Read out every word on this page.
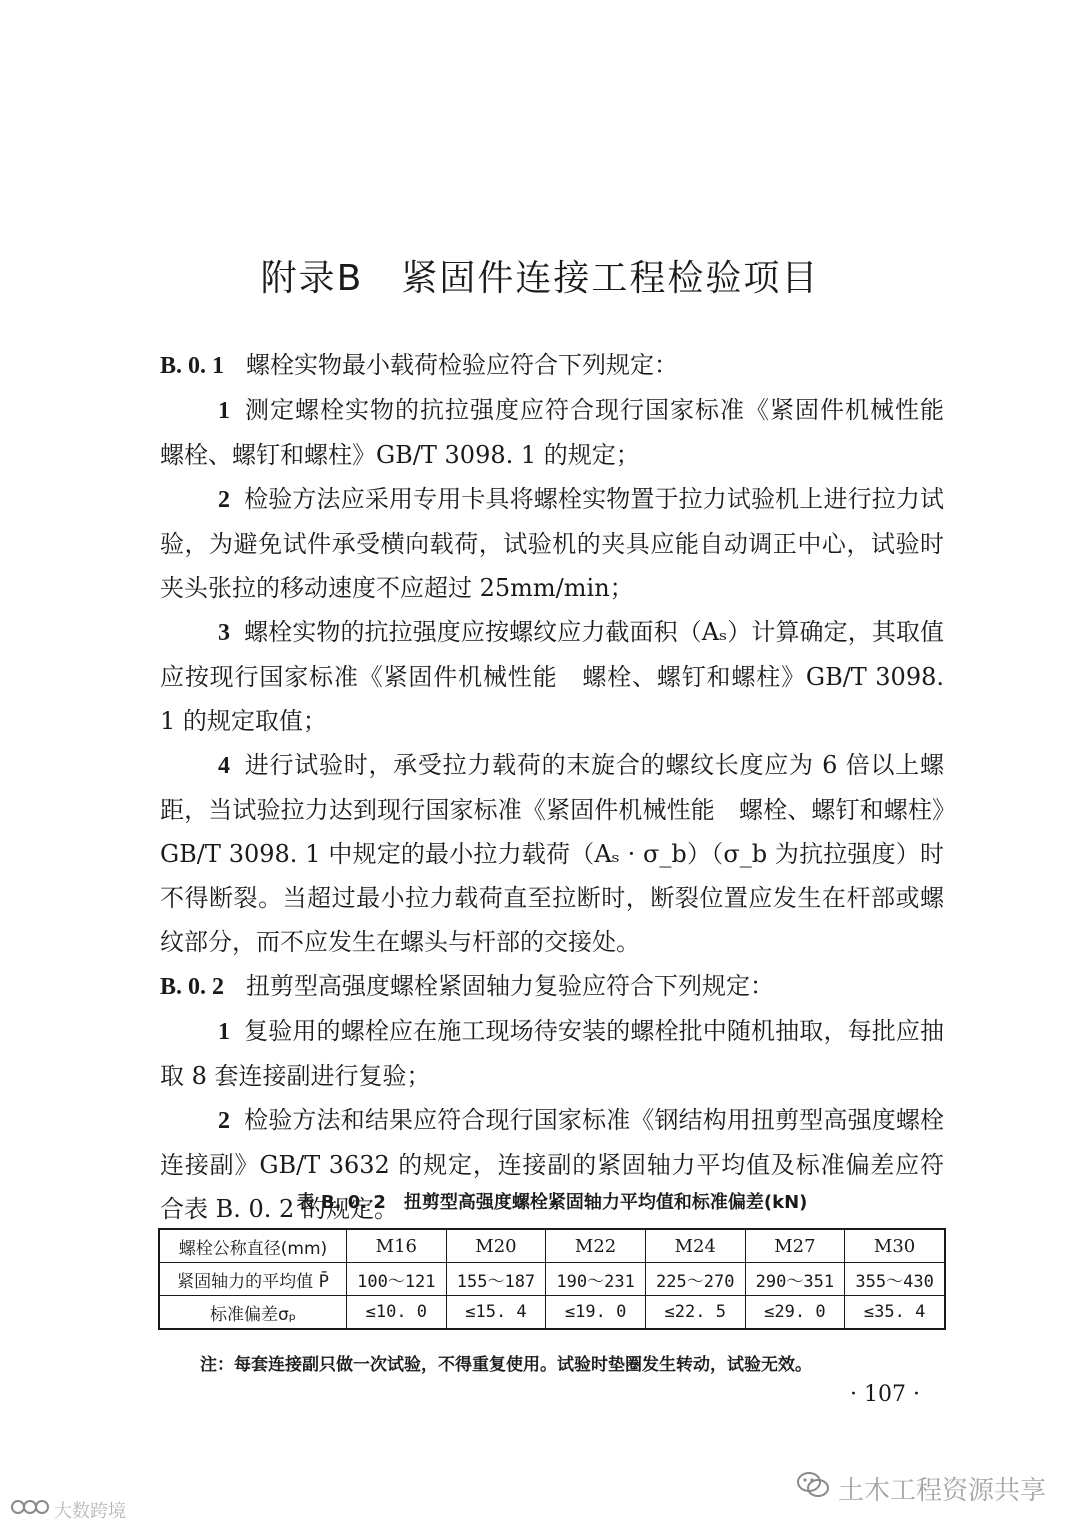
附录B　紧固件连接工程检验项目

B. 0. 1 螺栓实物最小载荷检验应符合下列规定：

1 测定螺栓实物的抗拉强度应符合现行国家标准《紧固件机械性能　螺栓、螺钉和螺柱》GB/T 3098. 1 的规定；

2 检验方法应采用专用卡具将螺栓实物置于拉力试验机上进行拉力试验，为避免试件承受横向载荷，试验机的夹具应能自动调正中心，试验时夹头张拉的移动速度不应超过 25mm/min；

3 螺栓实物的抗拉强度应按螺纹应力截面积（Aₛ）计算确定，其取值应按现行国家标准《紧固件机械性能　螺栓、螺钉和螺柱》GB/T 3098. 1 的规定取值；

4 进行试验时，承受拉力载荷的末旋合的螺纹长度应为 6 倍以上螺距，当试验拉力达到现行国家标准《紧固件机械性能　螺栓、螺钉和螺柱》GB/T 3098. 1 中规定的最小拉力载荷（Aₛ · σ_b）（σ_b 为抗拉强度）时不得断裂。当超过最小拉力载荷直至拉断时，断裂位置应发生在杆部或螺纹部分，而不应发生在螺头与杆部的交接处。

B. 0. 2 扭剪型高强度螺栓紧固轴力复验应符合下列规定：

1 复验用的螺栓应在施工现场待安装的螺栓批中随机抽取，每批应抽取 8 套连接副进行复验；

2 检验方法和结果应符合现行国家标准《钢结构用扭剪型高强度螺栓连接副》GB/T 3632 的规定，连接副的紧固轴力平均值及标准偏差应符合表 B. 0. 2 的规定。

表 B. 0. 2　扭剪型高强度螺栓紧固轴力平均值和标准偏差(kN)
螺栓公称直径(mm)	M16	M20	M22	M24	M27	M30
紧固轴力的平均值 P̄	100～121	155～187	190～231	225～270	290～351	355～430
标准偏差σₚ	≤10. 0	≤15. 4	≤19. 0	≤22. 5	≤29. 0	≤35. 4
注：每套连接副只做一次试验，不得重复使用。试验时垫圈发生转动，试验无效。
· 107 ·
土木工程资源共享
大数跨境
